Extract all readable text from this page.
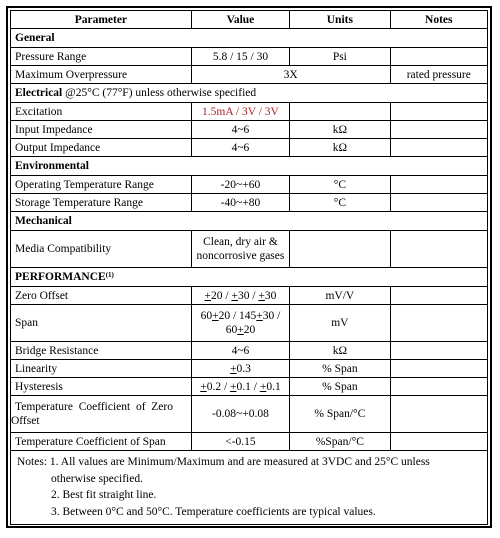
Parameter	Value	Units	Notes
General			
Pressure Range	5.8 / 15 / 30	Psi	
Maximum Overpressure	3X		rated pressure
Electrical @25°C (77°F) unless otherwise specified			
Excitation	1.5mA / 3V / 3V		
Input Impedance	4~6	kΩ	
Output Impedance	4~6	kΩ	
Environmental			
Operating Temperature Range	-20~+60	°C	
Storage Temperature Range	-40~+80	°C	
Mechanical			
Media Compatibility	Clean, dry air &
noncorrosive gases		

PERFORMANCE$^{(1)}$
Zero Offset	+20 / +30 / +30	mV/V	
Span	60+20 / 145+30 /
60+20	mV	
Bridge Resistance	4~6	kΩ	
Linearity	+0.3	% Span	
Hysteresis	+0.2 / +0.1 / +0.1	% Span	

Temperature  Coefficient  of  Zero
Offset	-0.08~+0.08	% Span/°C	
Temperature Coefficient of Span	<-0.15	%Span/°C	

Notes: 1. All values are Minimum/Maximum and are measured at 3VDC and 25°C unless
otherwise specified.
2. Best fit straight line.
3. Between 0°C and 50°C. Temperature coefficients are typical values.			
